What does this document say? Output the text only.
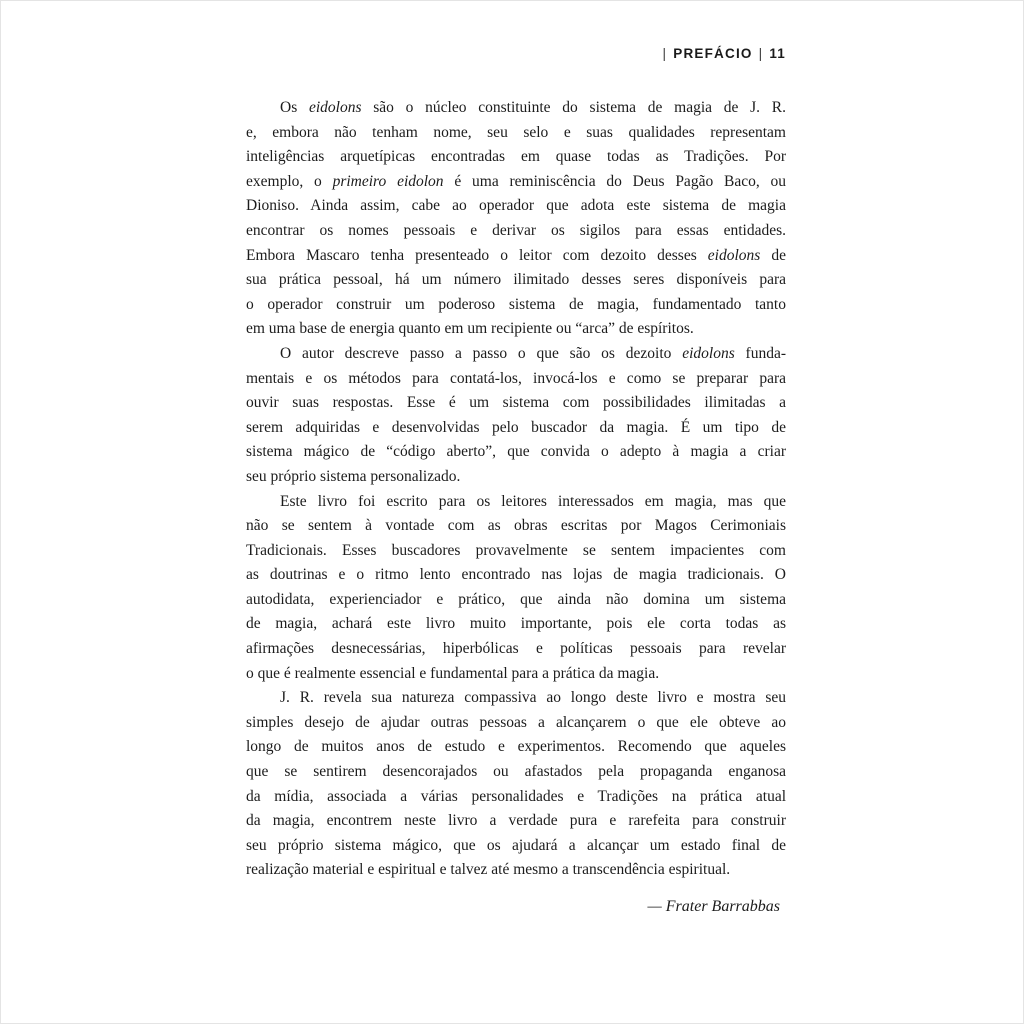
| PREFÁCIO | 11
Os eidolons são o núcleo constituinte do sistema de magia de J. R.
e, embora não tenham nome, seu selo e suas qualidades representam
inteligências arquetípicas encontradas em quase todas as Tradições. Por
exemplo, o primeiro eidolon é uma reminiscência do Deus Pagão Baco, ou
Dioniso. Ainda assim, cabe ao operador que adota este sistema de magia
encontrar os nomes pessoais e derivar os sigilos para essas entidades.
Embora Mascaro tenha presenteado o leitor com dezoito desses eidolons de
sua prática pessoal, há um número ilimitado desses seres disponíveis para
o operador construir um poderoso sistema de magia, fundamentado tanto
em uma base de energia quanto em um recipiente ou “arca” de espíritos.
O autor descreve passo a passo o que são os dezoito eidolons funda-
mentais e os métodos para contatá-los, invocá-los e como se preparar para
ouvir suas respostas. Esse é um sistema com possibilidades ilimitadas a
serem adquiridas e desenvolvidas pelo buscador da magia. É um tipo de
sistema mágico de “código aberto”, que convida o adepto à magia a criar
seu próprio sistema personalizado.
Este livro foi escrito para os leitores interessados em magia, mas que
não se sentem à vontade com as obras escritas por Magos Cerimoniais
Tradicionais. Esses buscadores provavelmente se sentem impacientes com
as doutrinas e o ritmo lento encontrado nas lojas de magia tradicionais. O
autodidata, experienciador e prático, que ainda não domina um sistema
de magia, achará este livro muito importante, pois ele corta todas as
afirmações desnecessárias, hiperbólicas e políticas pessoais para revelar
o que é realmente essencial e fundamental para a prática da magia.
J. R. revela sua natureza compassiva ao longo deste livro e mostra seu
simples desejo de ajudar outras pessoas a alcançarem o que ele obteve ao
longo de muitos anos de estudo e experimentos. Recomendo que aqueles
que se sentirem desencorajados ou afastados pela propaganda enganosa
da mídia, associada a várias personalidades e Tradições na prática atual
da magia, encontrem neste livro a verdade pura e rarefeita para construir
seu próprio sistema mágico, que os ajudará a alcançar um estado final de
realização material e espiritual e talvez até mesmo a transcendência espiritual.
— Frater Barrabbas
